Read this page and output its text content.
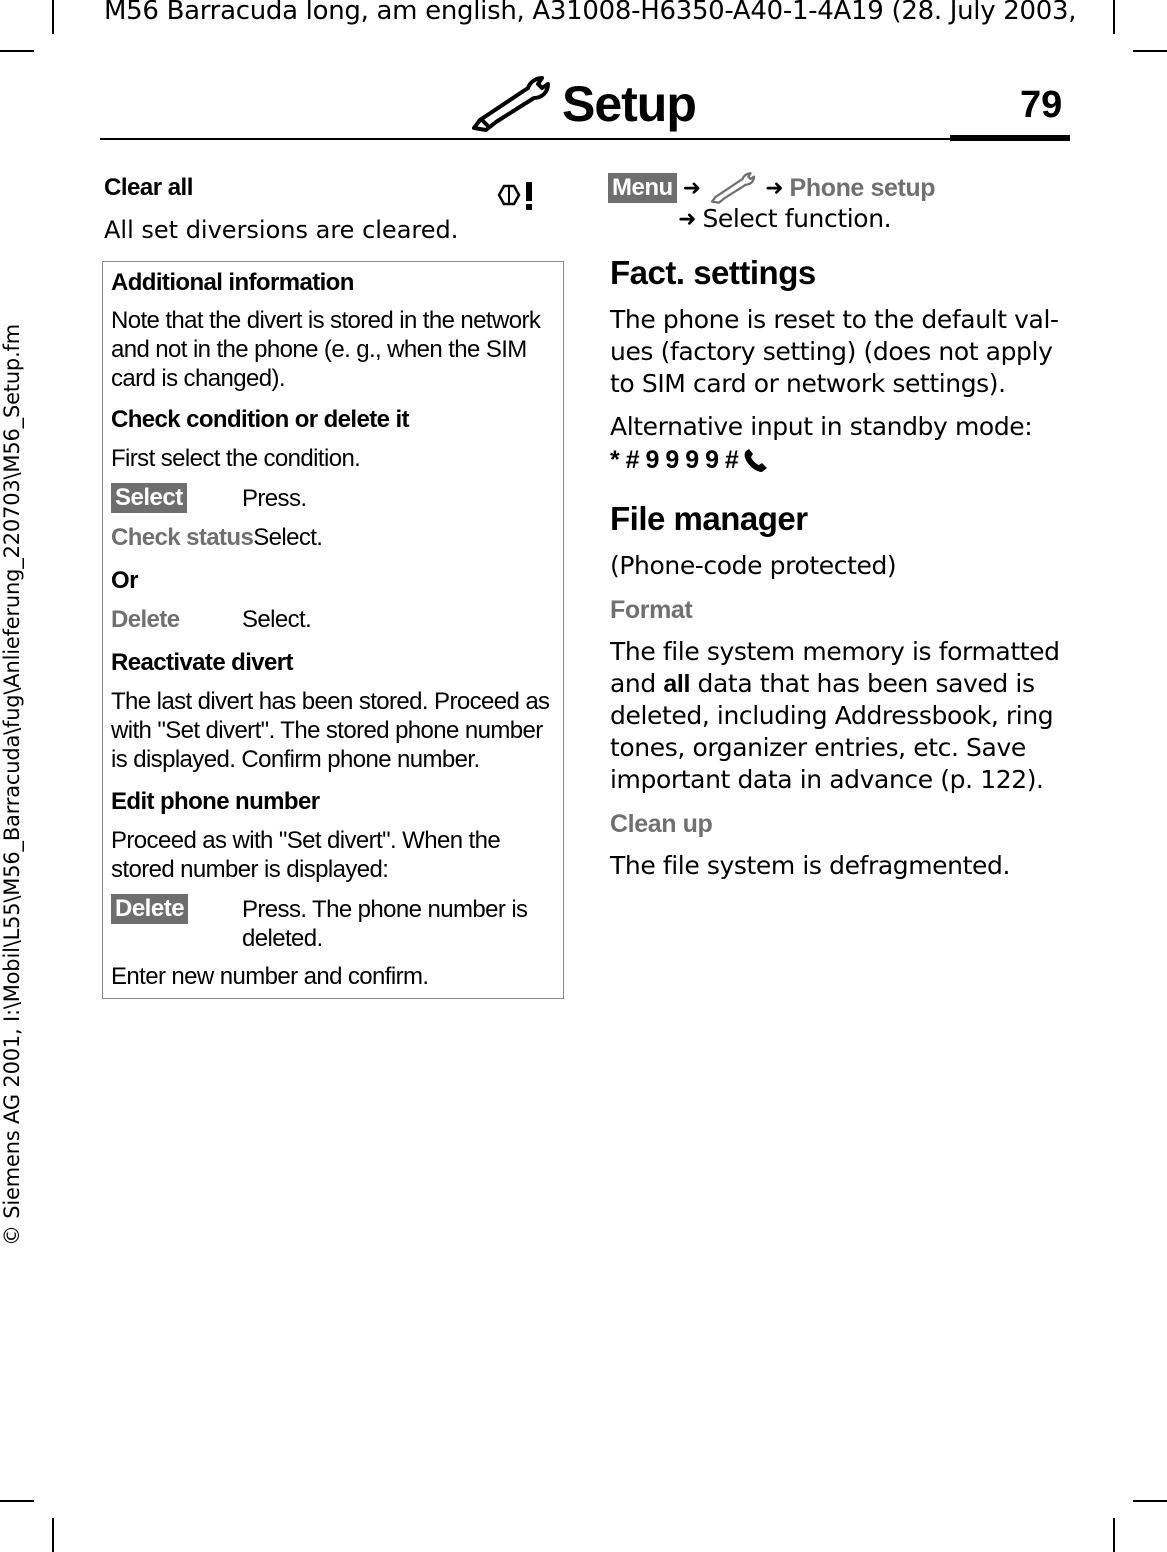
M56 Barracuda long, am english, A31008-H6350-A40-1-4A19 (28. July 2003,
© Siemens AG 2001, I:\Mobil\L55\M56_Barracuda\fug\Anlieferung_220703\M56_Setup.fm
Setup	79
Clear all
All set diversions are cleared.

Additional information

Note that the divert is stored in the network and not in the phone (e. g., when the SIM card is changed).

Check condition or delete it

First select the condition.

Select	Press.

Check status Select.

Or

Delete	Select.

Reactivate divert

The last divert has been stored. Proceed as with "Set divert". The stored phone number is displayed. Confirm phone number.

Edit phone number

Proceed as with "Set divert". When the stored number is displayed:

Delete	Press. The phone number is deleted.

Enter new number and confirm.

Menu ➜	➜ Phone setup
➜ Select function.
Fact. settings
The phone is reset to the default val-ues (factory setting) (does not apply to SIM card or network settings).
Alternative input in standby mode:
* # 9 9 9 9 #
File manager
(Phone-code protected)
Format
The file system memory is formatted and all data that has been saved is deleted, including Addressbook, ring tones, organizer entries, etc. Save important data in advance (p. 122).
Clean up
The file system is defragmented.
